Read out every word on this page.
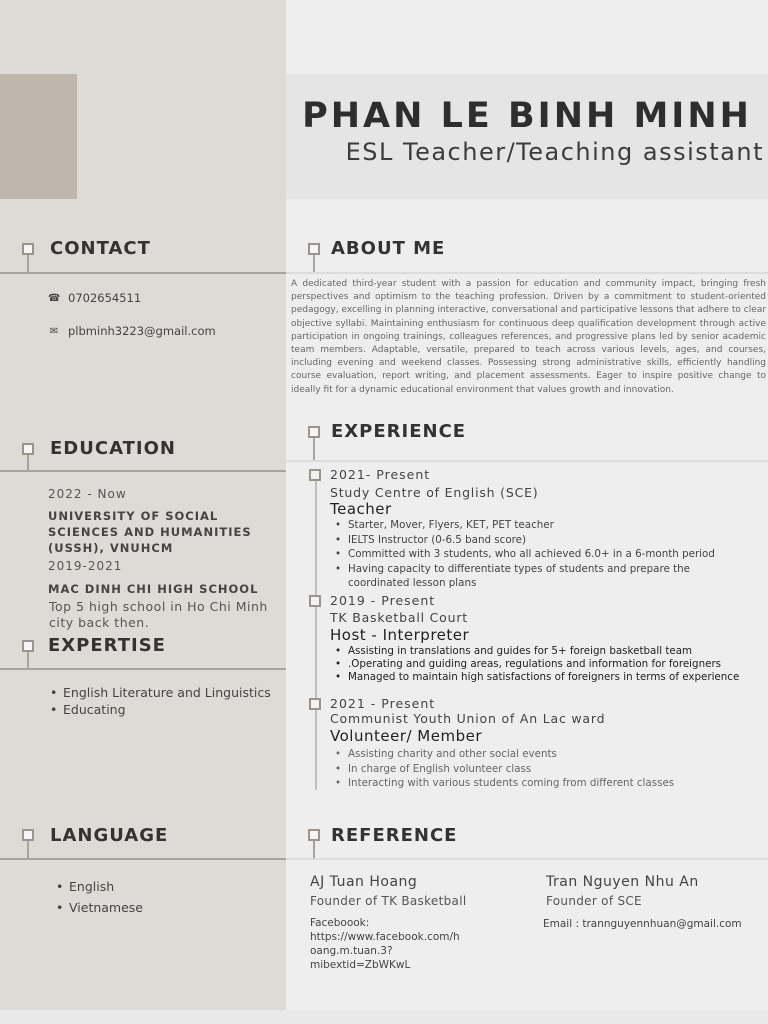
PHAN LE BINH MINH
ESL Teacher/Teaching assistant
CONTACT
☎ 0702654511
✉ plbminh3223@gmail.com
ABOUT ME
A dedicated third-year student with a passion for education and community impact, bringing fresh perspectives and optimism to the teaching profession. Driven by a commitment to student-oriented pedagogy, excelling in planning interactive, conversational and participative lessons that adhere to clear objective syllabi. Maintaining enthusiasm for continuous deep qualification development through active participation in ongoing trainings, colleagues references, and progressive plans led by senior academic team members. Adaptable, versatile, prepared to teach across various levels, ages, and courses, including evening and weekend classes. Possessing strong administrative skills, efficiently handling course evaluation, report writing, and placement assessments. Eager to inspire positive change to ideally fit for a dynamic educational environment that values growth and innovation.
EDUCATION
2022 - Now
UNIVERSITY OF SOCIAL SCIENCES AND HUMANITIES (USSH), VNUHCM
2019-2021
MAC DINH CHI HIGH SCHOOL
Top 5 high school in Ho Chi Minh city back then.
EXPERTISE
• English Literature and Linguistics
• Educating
EXPERIENCE
2021- Present
Study Centre of English (SCE)
Teacher
• Starter, Mover, Flyers, KET, PET teacher
• IELTS Instructor (0-6.5 band score)
• Committed with 3 students, who all achieved 6.0+ in a 6-month period
• Having capacity to differentiate types of students and prepare the coordinated lesson plans
2019 - Present
TK Basketball Court
Host - Interpreter
• Assisting in translations and guides for 5+ foreign basketball team
• .Operating and guiding areas, regulations and information for foreigners
• Managed to maintain high satisfactions of foreigners in terms of experience
2021 - Present
Communist Youth Union of An Lac ward
Volunteer/ Member
• Assisting charity and other social events
• In charge of English volunteer class
• Interacting with various students coming from different classes
LANGUAGE
• English
• Vietnamese
REFERENCE
AJ Tuan Hoang
Founder of TK Basketball
Faceboook:
https://www.facebook.com/h
oang.m.tuan.3?
mibextid=ZbWKwL
Tran Nguyen Nhu An
Founder of SCE
Email : trannguyennhuan@gmail.com
